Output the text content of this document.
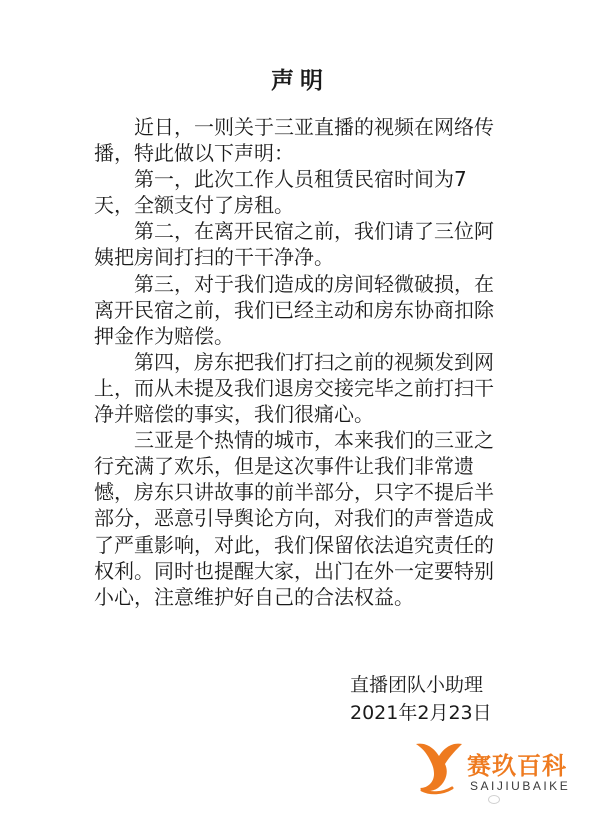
声明

近日，一则关于三亚直播的视频在网络传播，特此做以下声明：

第一，此次工作人员租赁民宿时间为7天，全额支付了房租。

第二，在离开民宿之前，我们请了三位阿姨把房间打扫的干干净净。

第三，对于我们造成的房间轻微破损，在离开民宿之前，我们已经主动和房东协商扣除押金作为赔偿。

第四，房东把我们打扫之前的视频发到网上，而从未提及我们退房交接完毕之前打扫干净并赔偿的事实，我们很痛心。

三亚是个热情的城市，本来我们的三亚之行充满了欢乐，但是这次事件让我们非常遗憾，房东只讲故事的前半部分，只字不提后半部分，恶意引导舆论方向，对我们的声誉造成了严重影响，对此，我们保留依法追究责任的权利。同时也提醒大家，出门在外一定要特别小心，注意维护好自己的合法权益。

直播团队小助理
2021年2月23日
赛玖百科
SAIJIUBAIKE
